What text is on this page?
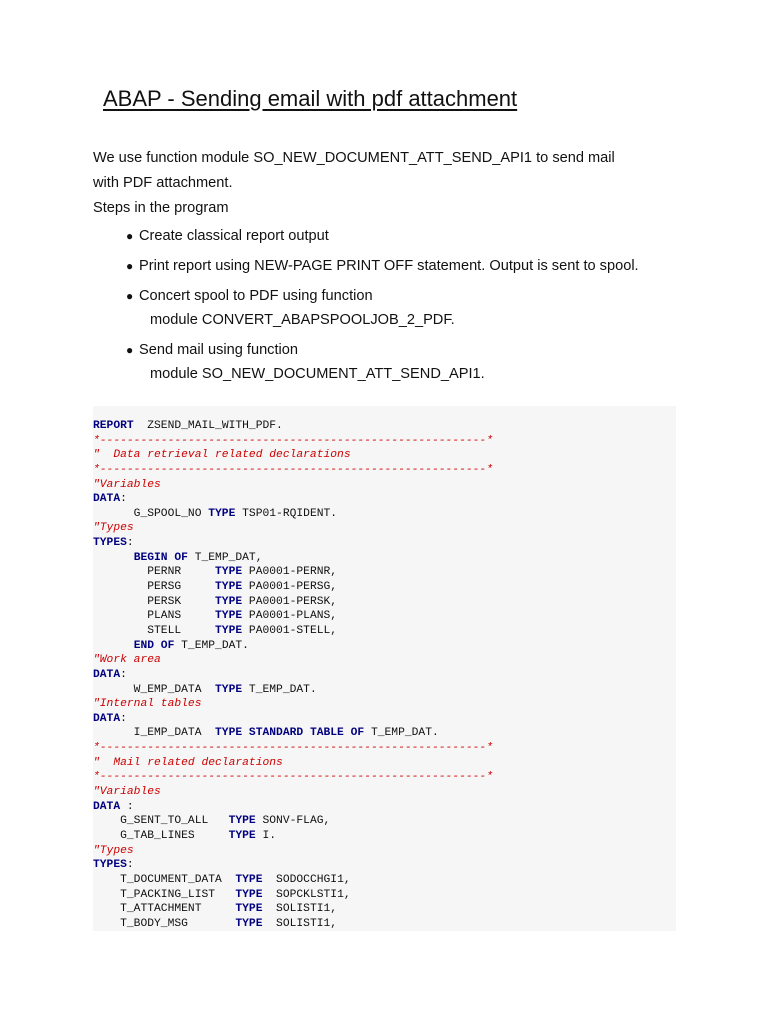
ABAP - Sending email with pdf attachment

We use function module SO_NEW_DOCUMENT_ATT_SEND_API1 to send mail

with PDF attachment.

Steps in the program

● Create classical report output
● Print report using NEW-PAGE PRINT OFF statement. Output is sent to spool.
● Concert spool to PDF using function
module CONVERT_ABAPSPOOLJOB_2_PDF.
● Send mail using function
module SO_NEW_DOCUMENT_ATT_SEND_API1.
REPORT  ZSEND_MAIL_WITH_PDF.
*---------------------------------------------------------*
"  Data retrieval related declarations
*---------------------------------------------------------*
"Variables
DATA:
G_SPOOL_NO TYPE TSP01-RQIDENT.
"Types
TYPES:
BEGIN OF T_EMP_DAT,
PERNR     TYPE PA0001-PERNR,
PERSG     TYPE PA0001-PERSG,
PERSK     TYPE PA0001-PERSK,
PLANS     TYPE PA0001-PLANS,
STELL     TYPE PA0001-STELL,
END OF T_EMP_DAT.
"Work area
DATA:
W_EMP_DATA  TYPE T_EMP_DAT.
"Internal tables
DATA:
I_EMP_DATA  TYPE STANDARD TABLE OF T_EMP_DAT.
*---------------------------------------------------------*
"  Mail related declarations
*---------------------------------------------------------*
"Variables
DATA :
G_SENT_TO_ALL   TYPE SONV-FLAG,
G_TAB_LINES     TYPE I.
"Types
TYPES:
T_DOCUMENT_DATA  TYPE  SODOCCHGI1,
T_PACKING_LIST   TYPE  SOPCKLSTI1,
T_ATTACHMENT     TYPE  SOLISTI1,
T_BODY_MSG       TYPE  SOLISTI1,
